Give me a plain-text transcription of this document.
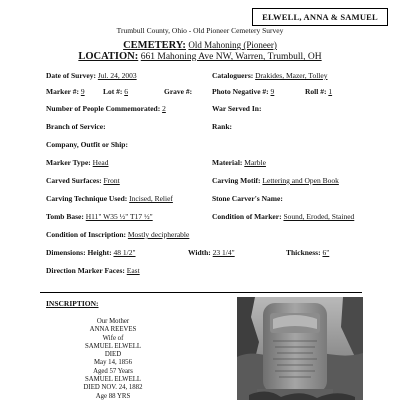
ELWELL, ANNA & SAMUEL
Trumbull County, Ohio - Old Pioneer Cemetery Survey
CEMETERY: Old Mahoning (Pioneer)
LOCATION: 661 Mahoning Ave NW, Warren, Trumbull, OH
Date of Survey: Jul. 24, 2003	Cataloguers: Drakides, Mazer, Tolley
Marker #: 9 Lot #: 6	Grave #:	Photo Negative #: 9	Roll #: 1
Number of People Commemorated: 2	War Served In:
Branch of Service:	Rank:
Company, Outfit or Ship:
Marker Type: Head	Material: Marble
Carved Surfaces: Front	Carving Motif: Lettering and Open Book
Carving Technique Used: Incised, Relief	Stone Carver's Name:
Tomb Base: H11" W35 ½" T17 ½"	Condition of Marker: Sound, Eroded, Stained
Condition of Inscription: Mostly decipherable
Dimensions: Height: 48 1/2"	Width: 23 1/4"	Thickness: 6"
Direction Marker Faces: East
INSCRIPTION:
Our Mother
ANNA REEVES
Wife of
SAMUEL ELWELL
DIED
May 14, 1856
Aged 57 Years
SAMUEL ELWELL
DIED NOV. 24, 1882
Age 88 YRS
